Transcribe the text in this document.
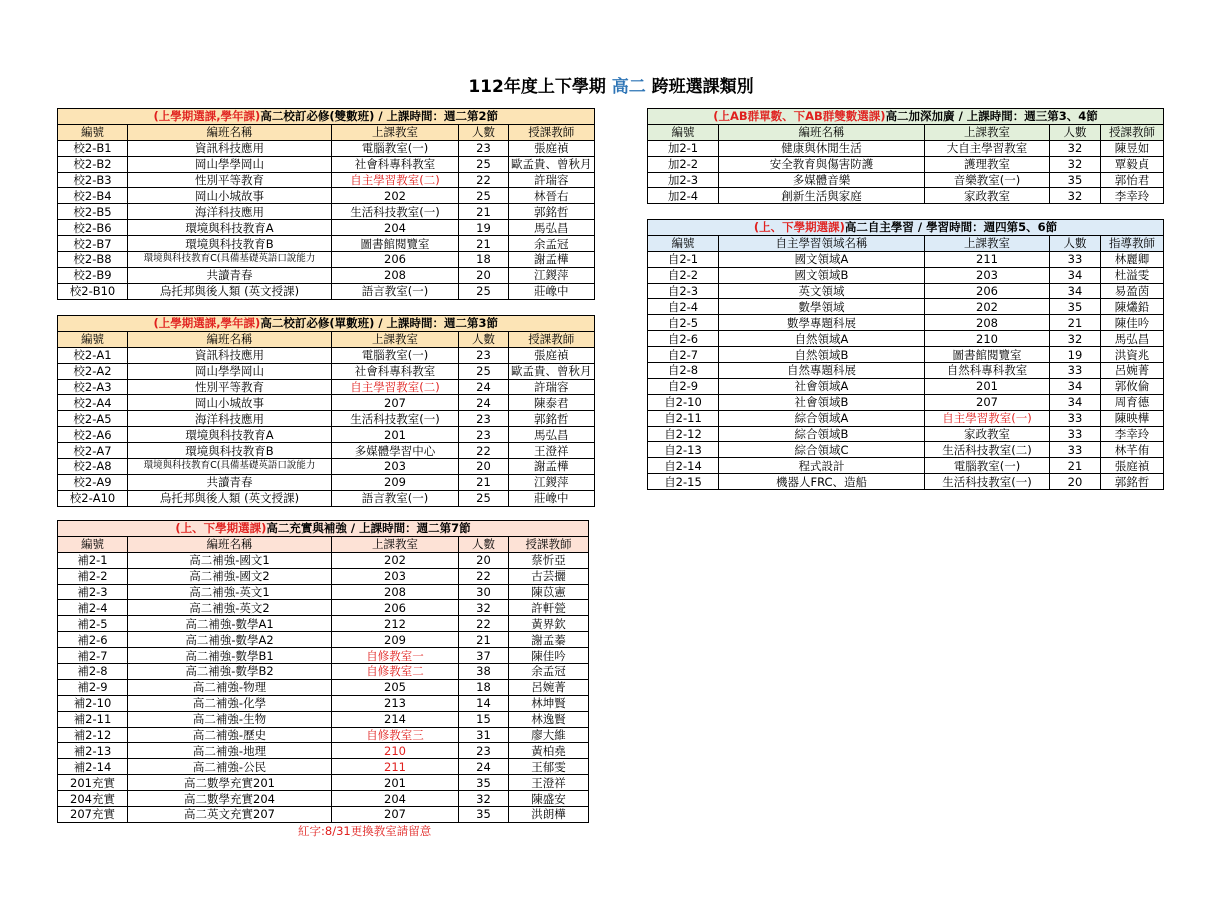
112年度上下學期 高二 跨班選課類別
(上學期選課,學年課)高二校訂必修(雙數班) / 上課時間：週二第2節				
編號	編班名稱	上課教室	人數	授課教師
校2-B1	資訊科技應用	電腦教室(一)	23	張庭禎
校2-B2	岡山學學岡山	社會科專科教室	25	歐孟貴、曾秋月
校2-B3	性別平等教育	自主學習教室(二)	22	許瑞容
校2-B4	岡山小城故事	202	25	林晉右
校2-B5	海洋科技應用	生活科技教室(一)	21	郭銘哲
校2-B6	環境與科技教育A	204	19	馬弘昌
校2-B7	環境與科技教育B	圖書館閱覽室	21	余孟冠
校2-B8	環境與科技教育C(具備基礎英語口說能力	206	18	謝孟樺
校2-B9	共讀青春	208	20	江鍐萍
校2-B10	烏托邦與後人類 (英文授課)	語言教室(一)	25	莊嶑中
(上學期選課,學年課)高二校訂必修(單數班) / 上課時間：週二第3節				
編號	編班名稱	上課教室	人數	授課教師
校2-A1	資訊科技應用	電腦教室(一)	23	張庭禎
校2-A2	岡山學學岡山	社會科專科教室	25	歐孟貴、曾秋月
校2-A3	性別平等教育	自主學習教室(二)	24	許瑞容
校2-A4	岡山小城故事	207	24	陳泰君
校2-A5	海洋科技應用	生活科技教室(一)	23	郭銘哲
校2-A6	環境與科技教育A	201	23	馬弘昌
校2-A7	環境與科技教育B	多媒體學習中心	22	王澄祥
校2-A8	環境與科技教育C(具備基礎英語口說能力	203	20	謝孟樺
校2-A9	共讀青春	209	21	江鍐萍
校2-A10	烏托邦與後人類 (英文授課)	語言教室(一)	25	莊嶑中
(上、下學期選課)高二充實與補強 / 上課時間：週二第7節				
編號	編班名稱	上課教室	人數	授課教師
補2-1	高二補強-國文1	202	20	蔡忻亞
補2-2	高二補強-國文2	203	22	古芸攦
補2-3	高二補強-英文1	208	30	陳苡憲
補2-4	高二補強-英文2	206	32	許軒甇
補2-5	高二補強-數學A1	212	22	黃界欽
補2-6	高二補強-數學A2	209	21	謝孟蓁
補2-7	高二補強-數學B1	自修教室一	37	陳佳吟
補2-8	高二補強-數學B2	自修教室二	38	余孟冠
補2-9	高二補強-物理	205	18	呂婉菁
補2-10	高二補強-化學	213	14	林坤賢
補2-11	高二補強-生物	214	15	林逸賢
補2-12	高二補強-歷史	自修教室三	31	廖大維
補2-13	高二補強-地理	210	23	黃柏堯
補2-14	高二補強-公民	211	24	王郁雯
201充實	高二數學充實201	201	35	王澄祥
204充實	高二數學充實204	204	32	陳盛安
207充實	高二英文充實207	207	35	洪朗樺
(上AB群單數、下AB群雙數選課)高二加深加廣 / 上課時間：週三第3、4節				
編號	編班名稱	上課教室	人數	授課教師
加2-1	健康與休閒生活	大自主學習教室	32	陳昱如
加2-2	安全教育與傷害防護	護理教室	32	覃毅貞
加2-3	多媒體音樂	音樂教室(一)	35	郭怡君
加2-4	創新生活與家庭	家政教室	32	李幸玲
(上、下學期選課)高二自主學習 / 學習時間：週四第5、6節				
編號	自主學習領域名稱	上課教室	人數	指導教師
自2-1	國文領域A	211	33	林麗卿
自2-2	國文領域B	203	34	杜溢雯
自2-3	英文領域	206	34	易盈茵
自2-4	數學領域	202	35	陳爜鉛
自2-5	數學專題科展	208	21	陳佳吟
自2-6	自然領域A	210	32	馬弘昌
自2-7	自然領域B	圖書館閱覽室	19	洪資兆
自2-8	自然專題科展	自然科專科教室	33	呂婉菁
自2-9	社會領域A	201	34	郭攸倫
自2-10	社會領域B	207	34	周育德
自2-11	綜合領域A	自主學習教室(一)	33	陳映樺
自2-12	綜合領域B	家政教室	33	李幸玲
自2-13	綜合領域C	生活科技教室(二)	33	林芊侑
自2-14	程式設計	電腦教室(一)	21	張庭禎
自2-15	機器人FRC、造船	生活科技教室(一)	20	郭銘哲
紅字:8/31更換教室請留意
